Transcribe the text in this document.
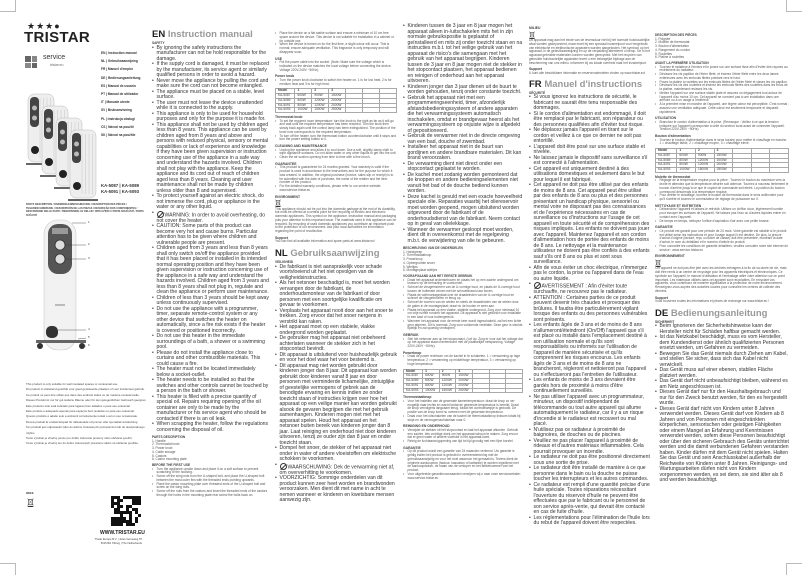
★★★●
TRISTAR
service
tristar.eu
EN | Instruction manual
NL | Gebruiksaanwijzing
FR | Manuel d'emploi
DE | Bedienungsanleitung
ES | Manual de usuario
PT | Manual de utilizador
IT | Manuale utente
SV | Bruksanvisning
PL | Instrukcja obsługi
CS | Návod na použití
SK | Návod na použitie
KA-5087 | KA-5089
KA-5091 | KA-5093
PARTS DESCRIPTION / ONDERDELENBESCHRIJVING / DESCRIPTION DES PIÈCES / TEILEBESCHREIBUNG / DESCRIPCIÓN DE LAS PIEZAS / DESCRIÇÃO DOS COMPONENTES / DESCRIZIONE DELLE PARTI / BESKRIVNING AV DELAR / OPIS CZĘŚCI / POPIS SOUČÁSTÍ / POPIS SÚČASTÍ
1
2
3
4
5
6
This product is only suitable for well insulated spaces or occasional use.
Dit product is uitsluitend geschikt voor goed geïsoleerde plaatsen of voor incidenteel gebruik.
Ce produit ne peut être utilisé que dans des endroits isolés ou de manière occasionnelle.
Dieses Produkt ist nur für gut isolierte Räume oder für den gelegentlichen Gebrauch geeignet.
Este producto sólo está indicado para lugares bien aislados o para uso ocasional.
Este produto é adequado apenas para espaços bem isolados ou para uso ocasional.
Questo prodotto è adatto solo a ambienti correttamente isolati o ad un uso occasionale.
Denna produkt är endast lämpad för välisolerade utrymmen eller sporadisk användning.
Ten produkt jest odpowiedni tylko do dobrze izolowanych pomieszczeń lub do okazjonalnego użytku.
Tento výrobek je vhodný pouze pro dobře izolované prostory nebo občasné použití.
Tento výrobok je vhodný len do dobre izolovaných priestorov alebo na občasné použitie.
WEEE
WWW.TRISTAR.EU
Tristar Europe B.V. | Jules Verneweg 87
5015 BH Tilburg | The Netherlands
EN Instruction manual
SAFETY
• By ignoring the safety instructions the manufacturer can not be hold responsible for the damage.
• If the supply cord is damaged, it must be replaced by the manufacturer, its service agent or similarly qualified persons in order to avoid a hazard.
• Never move the appliance by pulling the cord and make sure the cord can not become entangled.
• The appliance must be placed on a stable, level surface.
• The user must not leave the device unattended while it is connected to the supply.
• This appliance is only to be used for household purposes and only for the purpose it is made for.
• This appliance shall not be used by children aged less than 8 years. This appliance can be used by children aged from 8 years and above and persons with reduced physical, sensory or mental capabilities or lack of experience and knowledge if they have been given supervision or instruction concerning use of the appliance in a safe way and understand the hazards involved. Children shall not play with the appliance. Keep the appliance and its cord out of reach of children aged less than 8 years. Cleaning and user maintenance shall not be made by children unless older than 8 and supervised.
• To protect yourself against an electric shock, do not immerse the cord, plug or appliance in the water or any other liquid.
• WARNING: In order to avoid overheating, do not cover the heater.
• CAUTION: Some parts of this product can become very hot and cause burns. Particular attention has to be given where children and vulnerable people are present.
• Children aged from 3 years and less than 8 years shall only switch on/off the appliance provided that it has been placed or installed in its intended normal operating position and they have been given supervision or instruction concerning use of the appliance in a safe way and understand the hazards involved. Children aged from 3 years and less than 8 years shall not plug in, regulate and clean the appliance or perform user maintenance.
• Children of less than 3 years should be kept away unless continuously supervised.
• Do not use the appliance with a programmer, timer, separate remote-control system or any other device that switches the heater on automatically, since a fire risk exists if the heater is covered or positioned incorrectly.
• Do not use this heater in the immediate surroundings of a bath, a shower or a swimming pool.
• Please do not install the appliance close to curtains and other combustible materials. This could cause a fire.
• The heater must not be located immediately below a socket-outlet.
• The heater needs to be installed so that the switches and other controls cannot be touched by a person in the bath or shower.
• This heater is filled with a precise quantity of special oil. Repairs requiring opening of the oil container are only to be made by the manufacturer or his service agent who should be contacted if there is an oil leak.
• When scrapping the heater, follow the regulations concerning the disposal of oil.
PARTS DESCRIPTION
1. Handle
2. Thermostat knob
3. Power knob
4. Cable storage
5. Castors
6. Castor mounting plate
BEFORE THE FIRST USE
• Turn the appliance upside down and place it on a soft surface to prevent scratching of the housing.
• Screw off the wing nuts from the U-shaped bolt, and place the U-shaped bolt between the most outer fins with the threaded ends pointing upwards.
• Place the castor mounting plate over threaded ends of the U-shaped bolt and screw on the wing nuts.
• Screw off the nuts from the castors and insert the threaded ends of the castors through the holes in the mounting plate rear screw the bolts back on.
• Place the device on a flat stable surface and ensure a minimum of 10 cm free space around the device. This device is not suitable for installation in a cabinet or for outside use.
• When the device is turned on for the first time, a slight odour will occur. This is normal; ensure adequate ventilation. This fragrance is only temporary and will disappear soon.
USE
• Put the power cable into the socket. (Note: Make sure the voltage which is indicated on the device matches the local voltage before connecting the device. Voltage 220V-240V ~50Hz).
Power knob
• Turn the power knob clockwise to switch the heater on, 1 is for low heat, 2 is for medium heat and 3 is for high heat.
Model	1	2	3			
KA-5087	600W	900W	1500W			
KA-5089	800W	1200W	2000W			
KA-5091	800W	1200W	2000W			
KA-5093	1000W	1500W	2500W			
Thermostat knob
• To set the required room temperature: turn the knob to the right as far as it will go and wait until the required temperature has been reached. Turn the knob then slowly back again until the control lamp has been extinguished. The position of the knob now corresponds to the required temperature.
• To turn off the heater, turn the thermostat button counterclockwise until it stops and turn the power setting button to 0.
CLEANING AND MAINTENANCE
• Unplug the appliance and allow it to cool down. Use a soft, slightly damp cloth to wipe appliance surfaces. Do not allow water or any other liquids to get into the unit.
• Clean the air suction opening from time to time with a fine brush.
GUARANTEE
• This product is guaranteed for 24 months granted. Your warranty is valid if the product is used in accordance to the instructions and for the purpose for which it was created. In addition, the original purchase (invoice, sales slip or receipt) is to be submitted with the date of purchase, the name of the retailer and the item number of the product.
• For the detailed warranty conditions, please refer to our service website: www.service.tristar.eu
ENVIRONMENT

This appliance should not be put into the domestic garbage at the end of its durability, but must be offered at a central point for the recycling of electric and electronic domestic appliances. This symbol on the appliance, instruction manual and packaging puts your attention to this important issue. The materials used in this appliance can be recycled. By recycling of used domestic appliances you contribute an important push to the protection of our environment. Ask your local authorities for information regarding the point of recollection.

Support

You can find all available information and spare parts at www.tristar.eu!

NL Gebruiksaanwijzing
VEILIGHEID
• De fabrikant is niet aansprakelijk voor schade voortvloeiend uit het niet opvolgen van de veiligheidsinstructies.
• Als het netsnoer beschadigd is, moet het worden vervangen door de fabrikant, de onderhoudsmonteur van de fabrikant of door personen met een soortgelijke kwalificatie om gevaar te voorkomen.
• Verplaats het apparaat nooit door aan het snoer te trekken. Zorg ervoor dat het snoer nergens in verstrikt kan raken.
• Het apparaat moet op een stabiele, vlakke ondergrond worden geplaatst.
• De gebruiker mag het apparaat niet onbeheerd achterlaten wanneer de stekker zich in het stopcontact bevindt.
• Dit apparaat is uitsluitend voor huishoudelijk gebruik en voor het doel waar het voor bestemd is.
• Dit apparaat mag niet worden gebruikt door kinderen jonger dan 8 jaar. Dit apparaat kan worden gebruikt door kinderen vanaf 8 jaar en door personen met verminderde lichamelijke, zintuiglijke of geestelijke vermogens of gebrek aan de benodigde ervaring en kennis indien ze onder toezicht staan of instructies krijgen over hoe het apparaat op een veilige manier kan worden gebruikt alsook de gevaren begrijpen die met het gebruik samenhangen. Kinderen mogen niet met het apparaat spelen. Houd het apparaat en het netsnoer buiten bereik van kinderen jonger dan 8 jaar. Laat reiniging en onderhoud niet door kinderen uitvoeren, tenzij ze ouder zijn dan 8 jaar en onder toezicht staan.
• Dompel het snoer, de stekker of het apparaat niet onder in water of andere vloeistoffen om elektrische schokken te voorkomen.
• WAARSCHUWING: Dek de verwarming niet af, om oververhitting te voorkomen.
• VOORZICHTIG: Sommige onderdelen van dit product kunnen zeer heet worden en brandwonden veroorzaken. Men dient dit met name in acht te nemen wanneer er kinderen en kwetsbare mensen aanwezig zijn.
• Kinderen tussen de 3 jaar en 8 jaar mogen het apparaat alleen in-/uitschakelen mits het in zijn normale gebruikspositie is geplaatst of geïnstalleerd en mits zij onder toezicht staan en na instructies m.b.t. tot het veilige gebruik van het apparaat de risico's die samengaan met het gebruik van het apparaat begrijpen. Kinderen tussen de 3 jaar en 8 jaar mogen niet de stekker in het stopcontact plaatsen, het apparaat bedienen en reinigen of onderhoud aan het apparaat uitvoeren.
• Kinderen jonger dan 3 jaar dienen uit de buurt te worden gehouden, tenzij onder constante toezicht.
• Gebruik het apparaat niet met een programmeringseenheid, timer, afzonderlijk afstandsbedieningssysteem of andere apparaten die het verwarmingssysteem automatisch inschakelen, omdat er brandgevaar heerst als het verwarmingssysteem op onjuiste wijze is afgedekt of gepositioneerd.
• Gebruik de verwarmer niet in de directe omgeving van een bad, douche of zwembad.
• Installeer het apparaat niet in de buurt van gordijnen en andere brandbare materialen. Dit kan brand veroorzaken.
• De verwarming dient niet direct onder een stopcontact geplaatst te worden.
• De kachel moet zodanig worden gemonteerd dat de knoppen en andere bedieningselementen niet vanuit het bad of de douche bediend kunnen worden.
• Deze kachel is gevuld met een exacte hoeveelheid speciale olie. Reparaties waarbij het oliereservoir moet worden geopend, mogen uitsluitend worden uitgevoerd door de fabrikant of de onderhoudsdienst van de fabrikant. Neem contact op in geval van olielekkage.
• Wanneer de verwarmer gesloopt moet worden, dient dit in overeenkomst met de regelgeving m.b.t. de verwijdering van olie te gebeuren.
BESCHRIJVING VAN DE ONDERDELEN
1. Handgreep
2. Thermostaatknop
3. Powerknop
4. Opbergruimte snoer
5. Wieltjes
6. Montageplaat wieltjes
VOORAFGAAND AAN HET EERSTE GEBRUIK
• Draai het apparaat ondersteboven en plaats het op een zachte ondergrond om krassen op de behuizing te voorkomen.
• Schroef de vleugelmoeren van de U-vormige bout, en plaats de U-vormige bout tussen de buitenste vinnen met de schroefdraad naar boven.
• Plaats de wielmontageplaat over de draadeinden van de U-vormige bout en schroef de vleugelmoeren er terug op.
• Schroef de moeren van de wielen en steek de draadeinden van de wielen door de gaten in de montageplaat; draai nu de bouten er weer aan.
• Plaats het apparaat op een vlakke, stabiele ondergrond. Zorg voor minimaal 10 cm vrije ruimte rondom het apparaat. Dit apparaat is niet geschikt voor installatie in een kast of voor buitengebruik.
• Wanneer het apparaat voor de eerste keer wordt ingeschakeld, zal het een lichte geur afgeven. Dit is normaal. Zorg voor voldoende ventilatie. Deze geur is slechts tijdelijk en zal spoedig verdwijnen.
GEBRUIK
• Stel het netsnoer aan op het stopcontact. (Let op: Zorg er voor dat het voltage dat op het apparaat staat overeenkomt met de plaatselijke netspanning. Voltage 220V-240V ~50Hz).
Powerknop
• Draai de power rechtsom om de kachel in te schakelen. 1 = verwarming op lage temperatuur, 2 = verwarming op middelhoge temperatuur, 3 = verwarming op hoge temperatuur.
Model	1	2	3			
KA-5087	600W	900W	1500W			
KA-5089	800W	1200W	2000W			
KA-5091	800W	1200W	2000W			
KA-5093	1000W	1500W	2500W			
Thermostaatknop
• Voor het instellen van de gewenste kamertemperatuur: draai de knop zo ver mogelijk naar rechts en wacht totdat de gewenste temperatuur is bereikt. Draai de knop vervolgens langzaam terug, totdat het controlelampje is gedoofd. De positie van de knop komt nu overeen met de gewenste temperatuur.
• Draai voor het uitschakelen van de kachel de thermostaatknop linksom totdat hij stopt en de vermogensschakelaar naar 0.
REINIGING EN ONDERHOUD
• Verwijder de stekker uit het stopcontact en laat het apparaat afkoelen. Gebruik een zachte, iets vochtige doek om het apparaat schoon te maken. Zorg ervoor dat er geen water of andere vloeistof in het apparaat komt.
• Reinig de luchtaanzuigopening van tijd tot tijd grondig met een fijne borstel.
GARANTIE
• Op dit product wordt een garantie van 24 maanden verleend. Uw garantie is geldig indien het product is gebruikt in overeenstemming met de gebruiksaanwijzing en voor het doel waarvoor het gemaakt is. Tevens dient de originele aankoopbon (factuur, kassabon of kwitantie) te worden ingediend met de aankoopdatum, de naam van de verkoper en het artikelnummer van het product.
• Voor uitgebreide garantievoorwaarden verwijzen wij u naar onze servicewebsite: www.service.tristar.eu
MILIEU

Dit apparaat mag aan het einde van de levensduur niet bij het normale huishoudelijke afval worden gedeponeerd, maar moet bij een speciaal inzamelpunt voor hergebruik van elektrische en elektronische apparaten worden aangeboden. Het symbool op het apparaat, in de gebruiksaanwijzing en op de verpakking attendeert u hierop. De in het apparaat gebruikte materialen kunnen worden gerecycled. Met het recyclen van gebruikte huishoudelijke apparaten levert u een belangrijke bijdrage aan de bescherming van ons milieu. Informeer bij uw lokale overheid naar het inzamelpunt.

Support

U kunt alle beschikbare informatie en reserveonderdelen vinden op www.tristar.eu!

FR Manuel d'instructions
SÉCURITÉ
• Si vous ignorez les instructions de sécurité, le fabricant ne saurait être tenu responsable des dommages.
• Si le cordon d'alimentation est endommagé, il doit être remplacé par le fabricant, son réparateur ou des personnes qualifiées afin d'éviter tout risque.
• Ne déplacez jamais l'appareil en tirant sur le cordon et veillez à ce que ce dernier ne soit pas entortillé.
• L'appareil doit être posé sur une surface stable et nivelée.
• Ne laissez jamais le dispositif sans surveillance s'il est connecté à l'alimentation.
• Cet appareil est uniquement destiné à des utilisations domestiques et seulement dans le but pour lequel il est fabriqué.
• Cet appareil ne doit pas être utilisé par des enfants de moins de 8 ans. Cet appareil peut être utilisé par des enfants de 8 ans ou plus et des personnes présentant un handicap physique, sensoriel ou mental voire ne disposant pas des connaissances et de l'expérience nécessaires en cas de surveillance ou d'instructions sur l'usage de cet appareil en toute sécurité et de compréhension des risques impliqués. Les enfants ne doivent pas jouer avec l'appareil. Maintenez l'appareil et son cordon d'alimentation hors de portée des enfants de moins de 8 ans. Le nettoyage et la maintenance utilisateur ne doivent pas être confiés à des enfants sauf s'ils ont 8 ans ou plus et sont sous surveillance.
• Afin de vous éviter un choc électrique, n'immergez pas le cordon, la prise ou l'appareil dans de l'eau ou autre liquide.
• AVERTISSEMENT : Afin d'éviter toute surchauffe, ne recouvrez pas le radiateur.
• ATTENTION : Certaines parties de ce produit peuvent devenir très chaudes et provoquer des brûlures. Il faudra être particulièrement vigilant lorsque des enfants ou des personnes vulnérables sont présents.
• Les enfants âgés de 3 ans et de moins de 8 ans n'allumeront/éteindront (On/Off) l'appareil que s'il est placé ou installé dans l'emplacement destiné à son utilisation normale et qu'ils sont responsabilisés ou informés sur l'utilisation de l'appareil de manière sécurisée et qu'ils comprennent les risques encourus. Les enfants âgés de 3 ans et de moins de 8 ans ne brancheront, régleront et nettoieront pas l'appareil ou n'effectueront pas l'entretien de l'utilisateur.
• Les enfants de moins de 3 ans devraient être gardés hors de proximité à moins d'être continuellement surveillés.
• Ne pas utiliser l'appareil avec un programmateur, minuteur, un dispositif indépendant de télécommande ou tout autre appareil qui allume automatiquement le radiateur, car il y a un risque d'incendie si le radiateur est recouvert ou mal placé.
• N'utilisez pas ce radiateur à proximité de baignoires, de douches ou de piscines.
• Veuillez ne pas placer l'appareil à proximité de rideaux et d'autres matériaux inflammables. Cela pourrait provoquer un incendie.
• Le radiateur ne doit pas être positionné directement sous une sortie de prise.
• Le radiateur doit être installé de manière à ce que personne dans le bain ou la douche ne puisse toucher les interrupteurs et les autres commandes.
• Ce radiateur est rempli d'une quantité précise d'une huile spéciale. Toutes réparations nécessitant l'ouverture du réservoir d'huile ne peuvent être effectuées que par le fabricant ou le personnel de son service après-vente, qui devrait être contacté en cas de fuite d'huile.
• Les réglementations pour l'élimination de l'huile lors du rebut de l'appareil doivent être respectées.
DESCRIPTION DES PIÈCES
1. Poignée
2. Molette de thermostat
3. Bouton d'alimentation
4. Rangement du cordon
5. Roulettes
6. Platine à roulettes
AVANT LA PREMIÈRE UTILISATION
• Tournez le radiateur à l'envers et le posez sur une surface lisse afin d'éviter des rayures au revêtement du radiateur.
• Dévissez les vis papillon de l'étrier fileté, et insérez l'étrier fileté entre les deux lames extérieures avec les embouts filetés pointant vers le haut.
• Posez la platine à roulettes sur les embouts filetés de l'étrier fileté et vissez les vis papillon.
• Dévissez les vis des roulettes et insérez les embouts filetés des roulettes dans les trous de la platine, maintenant revissez les vis.
• Mettez l'appareil sur une surface stable plate et assurez un dégagement tout autour de l'appareil d'au moins 10 cm. Cet appareil ne convient pas à une installation dans une armoire ou à un usage à l'extérieur.
• À la première mise en marche de l'appareil, une légère odeur est perceptible. C'est normal ; assurez une ventilation adéquate. Cette odeur est seulement temporaire et disparaît rapidement.
UTILISATION
• Branchez le cordon d'alimentation à la prise. (Remarque : Veillez à ce que la tension indiquée sur l'appareil corresponde à celle du secteur local avant de connecter l'appareil. Tension 220V-240V ~50Hz).
Bouton d'alimentation
• Tournez le bouton d'alimentation dans le sens horaire pour mettre le chauffage en marche. 1 = chauffage faible, 2 = chauffage moyen, 3 = chauffage élevé.
Model	1	2	3			
KA-5087	600W	900W	1500W			
KA-5089	800W	1200W	2000W			
KA-5091	800W	1200W	2000W			
KA-5093	1000W	1500W	2500W			
Molette de thermostat
• Réglage de la température requise pour la pièce : Tournez le bouton au maximum vers la droite et attendez que la température désirée soit obtenue. Tournez à nouveau lentement le bouton d'arrière jusqu'à ce que le voyant de commande soit éteint. La position du bouton correspond désormais à la température requise.
• Pour arrêter le chauffage, tournez le bouton de thermostat dans le sens antihoraire pour qu'il s'arrête et tournez le commutateur de réglage de puissance sur 0.
NETTOYAGE ET ENTRETIEN
• Débranchez l'appareil et laissez-le refroidir. Utilisez un chiffon doux, légèrement humide pour essuyer les surfaces de l'appareil. Ne laissez pas l'eau ou d'autres liquides entrer en contact avec l'appareil.
• De temps en temps, nettoyez l'orifice d'aspiration d'air avec une petite brosse.
GARANTIE
• Ce produit est garanti pour une période de 24 mois. Votre garantie est valable si le produit est utilisé selon les instructions et pour l'usage auquel il est destiné. De plus, la preuve d'achat d'origine (facture, reçu ou ticket de caisse) doit être présentée, montrant la date d'achat, le nom du détaillant et le numéro d'article du produit.
• Pour connaître les conditions de garantie détaillées, veuillez consulter notre site internet de service : www.service.tristar.eu
ENVIRONNEMENT

Cet appareil ne doit pas être jeté avec les déchets ménagers à la fin de sa durée de vie, mais doit être remis à un centre de recyclage pour les appareils électriques et électroniques. Ce symbole sur l'appareil, le manuel d'utilisation et l'emballage attire votre attention sur ce point important. Les matériaux utilisés dans cet appareil sont recyclables. En recyclant vos appareils, vous contribuez de manière significative à la protection de notre environnement. Renseignez-vous auprès des autorités locales pour connaître les centres de collecte des déchets.

Support

Vous trouverez toutes les informations et pièces de rechange sur www.tristar.eu !

DE Bedienungsanleitung
SICHERHEIT
• Beim Ignorieren der Sicherheitshinweise kann der Hersteller nicht für Schäden haftbar gemacht werden.
• Ist das Netzkabel beschädigt, muss es vom Hersteller, dem Kundendienst oder ähnlich qualifizierten Personen ersetzt werden, um Gefahren zu vermeiden.
• Bewegen Sie das Gerät niemals durch Ziehen am Kabel, und stellen Sie sicher, dass sich das Kabel nicht verwickelt.
• Das Gerät muss auf einer ebenen, stabilen Fläche platziert werden.
• Das Gerät darf nicht unbeaufsichtigt bleiben, während es am Netz angeschlossen ist.
• Dieses Gerät darf nur für den Haushaltsgebrauch und nur für den Zweck benutzt werden, für den es hergestellt wurde.
• Dieses Gerät darf nicht von Kindern unter 8 Jahren verwendet werden. Dieses Gerät darf von Kindern ab 8 Jahren und von Personen mit eingeschränkten körperlichen, sensorischen oder geistigen Fähigkeiten oder einem Mangel an Erfahrung und Kenntnissen verwendet werden, sofern diese Personen beaufsichtigt oder über den sicheren Gebrauch des Geräts unterrichtet werden und die damit verbundenen Gefahren verstanden haben. Kinder dürfen mit dem Gerät nicht spielen. Halten Sie das Gerät und sein Anschlusskabel außerhalb der Reichweite von Kindern unter 8 Jahren. Reinigungs- und Wartungsarbeiten dürfen nicht von Kindern vorgenommen werden, es sei denn, sie sind älter als 8 und werden beaufsichtigt.
